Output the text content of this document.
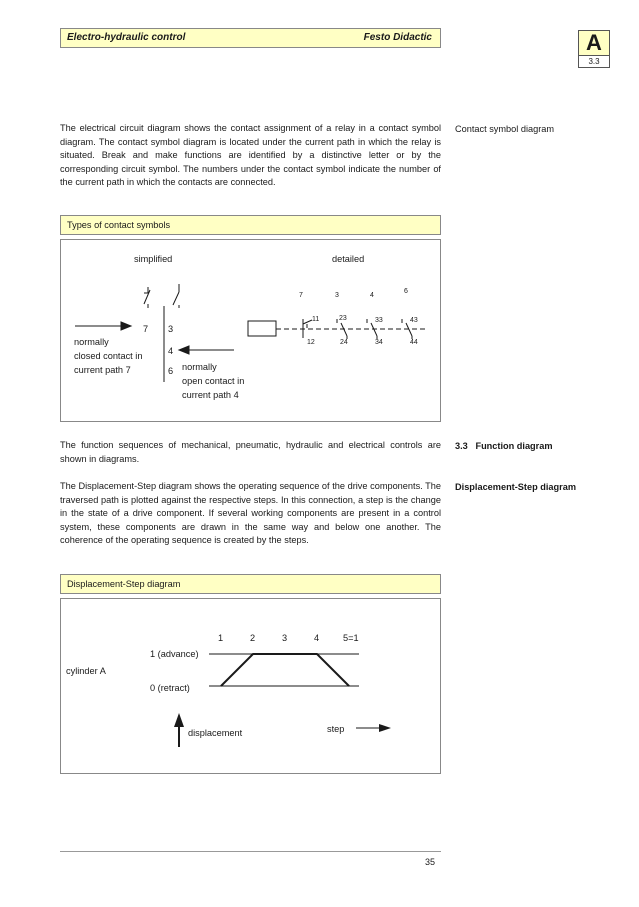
Electro-hydraulic control	Festo Didactic	A
3.3
The electrical circuit diagram shows the contact assignment of a relay in a contact symbol diagram. The contact symbol diagram is located under the current path in which the relay is situated. Break and make functions are identified by a distinctive letter or by the corresponding circuit symbol. The numbers under the contact symbol indicate the number of the current path in which the contacts are connected.
Contact symbol diagram
Types of contact symbols
simplified	detailed
7 3
4
6
normally
closed contact in
current path 7	normally
open contact in
current path 4
7	3	4
6
11	23	33	43
12	24	34	44
The function sequences of mechanical, pneumatic, hydraulic and electrical controls are shown in diagrams.
3.3 Function diagram
The Displacement-Step diagram shows the operating sequence of the drive components. The traversed path is plotted against the respective steps. In this connection, a step is the change in the state of a drive component. If several working components are present in a control system, these components are drawn in the same way and below one another. The coherence of the operating sequence is created by the steps.
Displacement-Step diagram
Displacement-Step diagram
1	2	3	4	5=1
cylinder A
1 (advance)
0 (retract)
displacement	step
35
